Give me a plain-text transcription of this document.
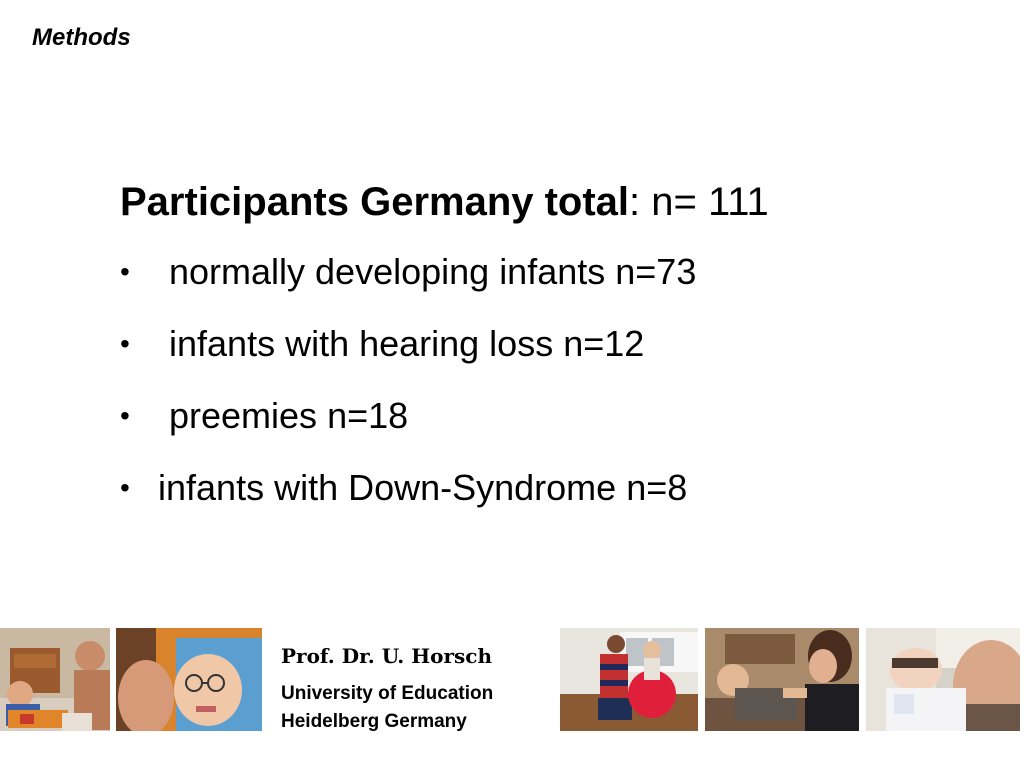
Methods
Participants Germany total: n= 111
• normally developing infants n=73
• infants with hearing loss n=12
• preemies n=18
• infants with Down-Syndrome n=8
Prof. Dr. U. Horsch
University of Education
Heidelberg Germany
